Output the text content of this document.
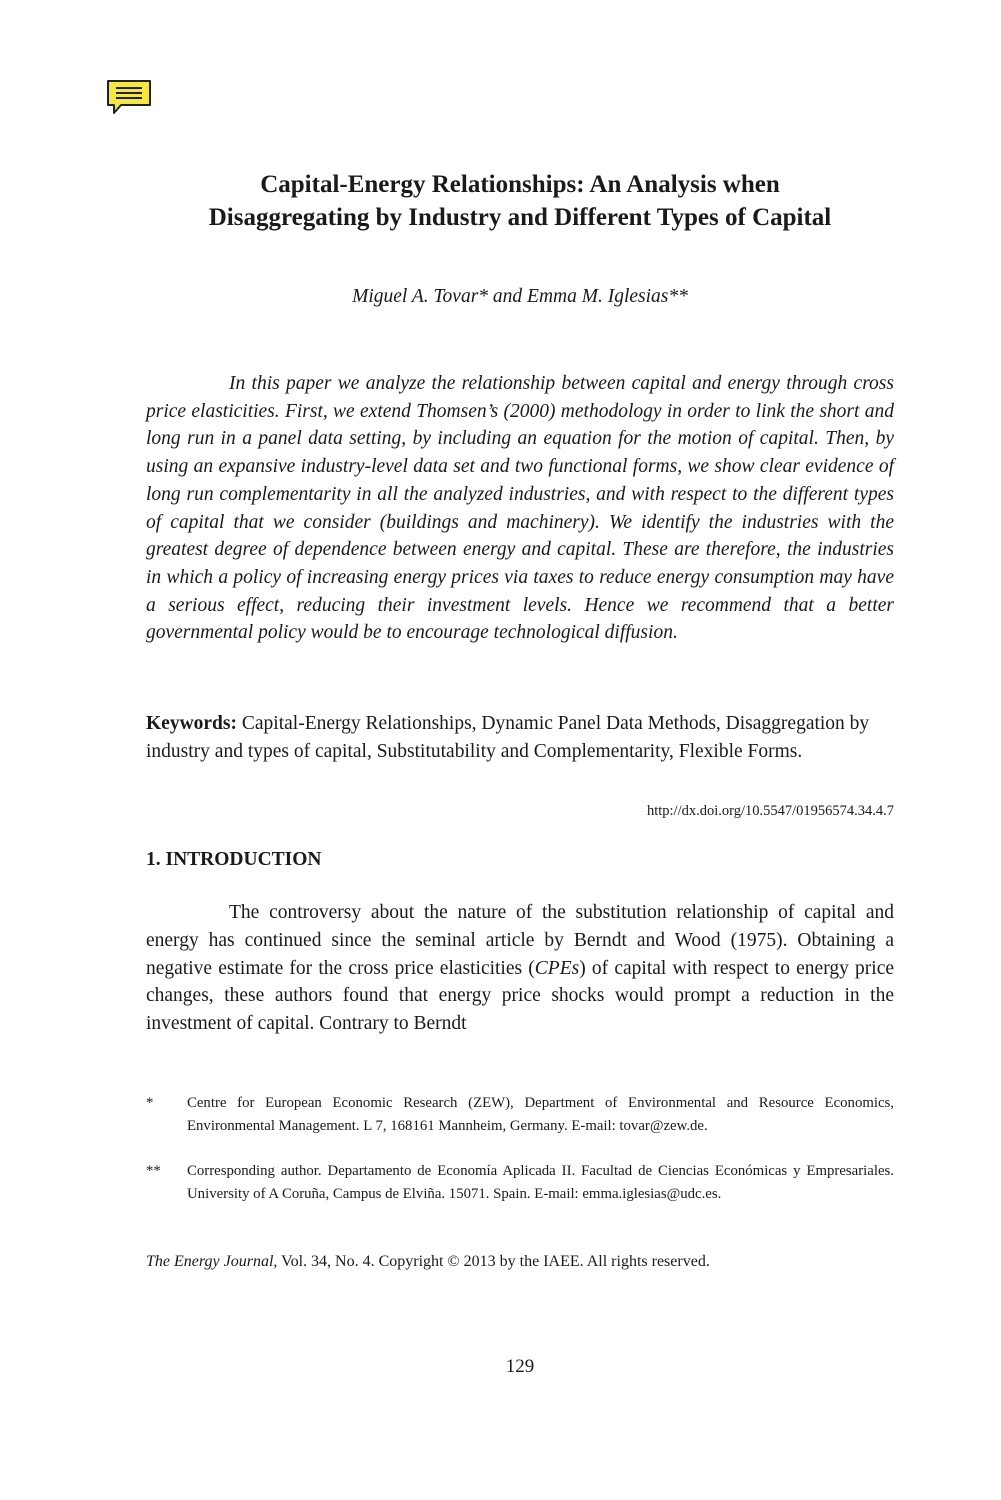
Capital-Energy Relationships: An Analysis when
Disaggregating by Industry and Different Types of Capital
Miguel A. Tovar* and Emma M. Iglesias**

In this paper we analyze the relationship between capital and energy through cross price elasticities. First, we extend Thomsen’s (2000) methodology in order to link the short and long run in a panel data setting, by including an equation for the motion of capital. Then, by using an expansive industry-level data set and two functional forms, we show clear evidence of long run complementarity in all the analyzed industries, and with respect to the different types of capital that we consider (buildings and machinery). We identify the industries with the greatest degree of dependence between energy and capital. These are therefore, the industries in which a policy of increasing energy prices via taxes to reduce energy consumption may have a serious effect, reducing their investment levels. Hence we recommend that a better governmental policy would be to encourage technological diffusion.

Keywords: Capital-Energy Relationships, Dynamic Panel Data Methods, Disaggregation by industry and types of capital, Substitutability and Complementarity, Flexible Forms.

http://dx.doi.org/10.5547/01956574.34.4.7
1. INTRODUCTION

The controversy about the nature of the substitution relationship of capital and energy has continued since the seminal article by Berndt and Wood (1975). Obtaining a negative estimate for the cross price elasticities (CPEs) of capital with respect to energy price changes, these authors found that energy price shocks would prompt a reduction in the investment of capital. Contrary to Berndt

* Centre for European Economic Research (ZEW), Department of Environmental and Resource Economics, Environmental Management. L 7, 168161 Mannheim, Germany. E-mail: tovar@zew.de.
** Corresponding author. Departamento de Economía Aplicada II. Facultad de Ciencias Económicas y Empresariales. University of A Coruña, Campus de Elviña. 15071. Spain. E-mail: emma.iglesias@udc.es.
The Energy Journal, Vol. 34, No. 4. Copyright © 2013 by the IAEE. All rights reserved.
129
